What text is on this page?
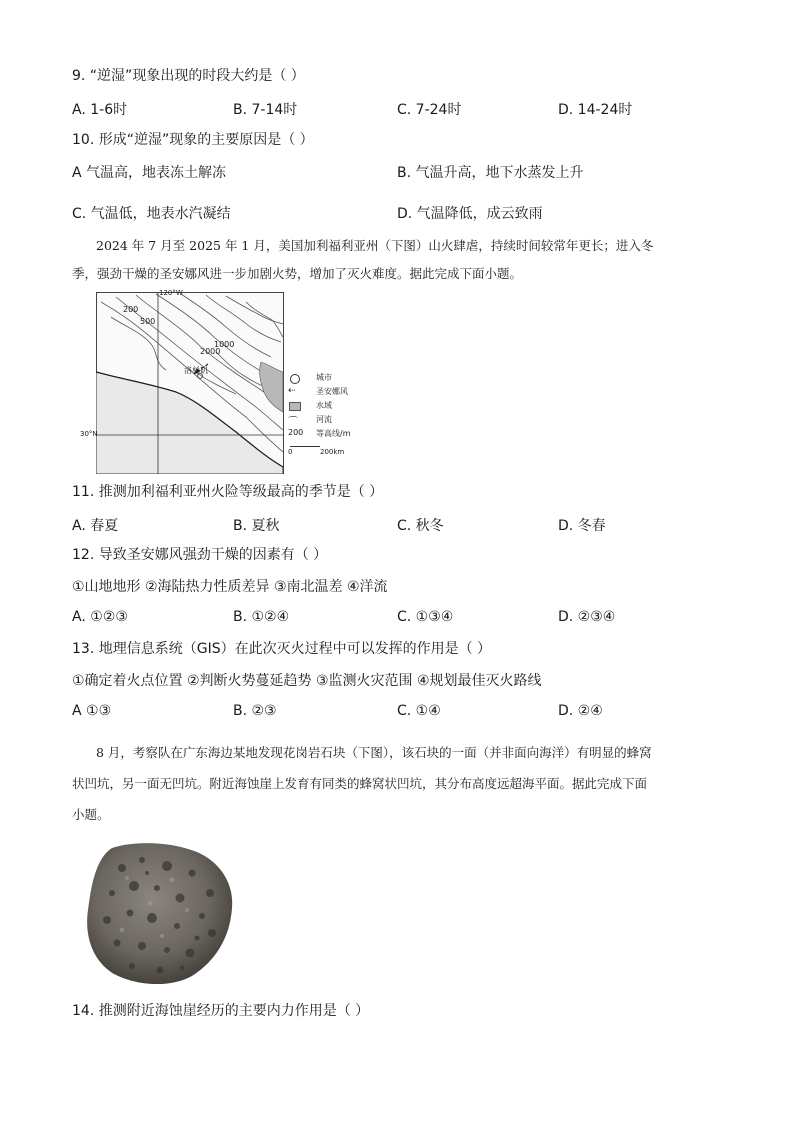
9. “逆湿”现象出现的时段大约是（ ）
A. 1-6时	B. 7-14时	C. 7-24时	D. 14-24时
10. 形成“逆湿”现象的主要原因是（ ）
A 气温高，地表冻土解冻	B. 气温升高，地下水蒸发上升
C. 气温低，地表水汽凝结	D. 气温降低，成云致雨
2024 年 7 月至 2025 年 1 月，美国加利福利亚州（下图）山火肆虐，持续时间较常年更长；进入冬
季，强劲干燥的圣安娜风进一步加剧火势，增加了灭火难度。据此完成下面小题。
120°W
30°N
200
500
1000
2000
洛杉矶
城市
⇠	圣安娜风
水域
⌒ 河流
200 等高线/m
0	200km
11. 推测加利福利亚州火险等级最高的季节是（ ）
A. 春夏	B. 夏秋	C. 秋冬	D. 冬春
12. 导致圣安娜风强劲干燥的因素有（ ）
①山地地形 ②海陆热力性质差异 ③南北温差 ④洋流
A. ①②③	B. ①②④	C. ①③④	D. ②③④
13. 地理信息系统（GIS）在此次灭火过程中可以发挥的作用是（ ）
①确定着火点位置 ②判断火势蔓延趋势 ③监测火灾范围 ④规划最佳灭火路线
A ①③	B. ②③	C. ①④	D. ②④
8 月，考察队在广东海边某地发现花岗岩石块（下图），该石块的一面（并非面向海洋）有明显的蜂窝
状凹坑，另一面无凹坑。附近海蚀崖上发育有同类的蜂窝状凹坑，其分布高度远超海平面。据此完成下面
小题。
14. 推测附近海蚀崖经历的主要内力作用是（ ）
